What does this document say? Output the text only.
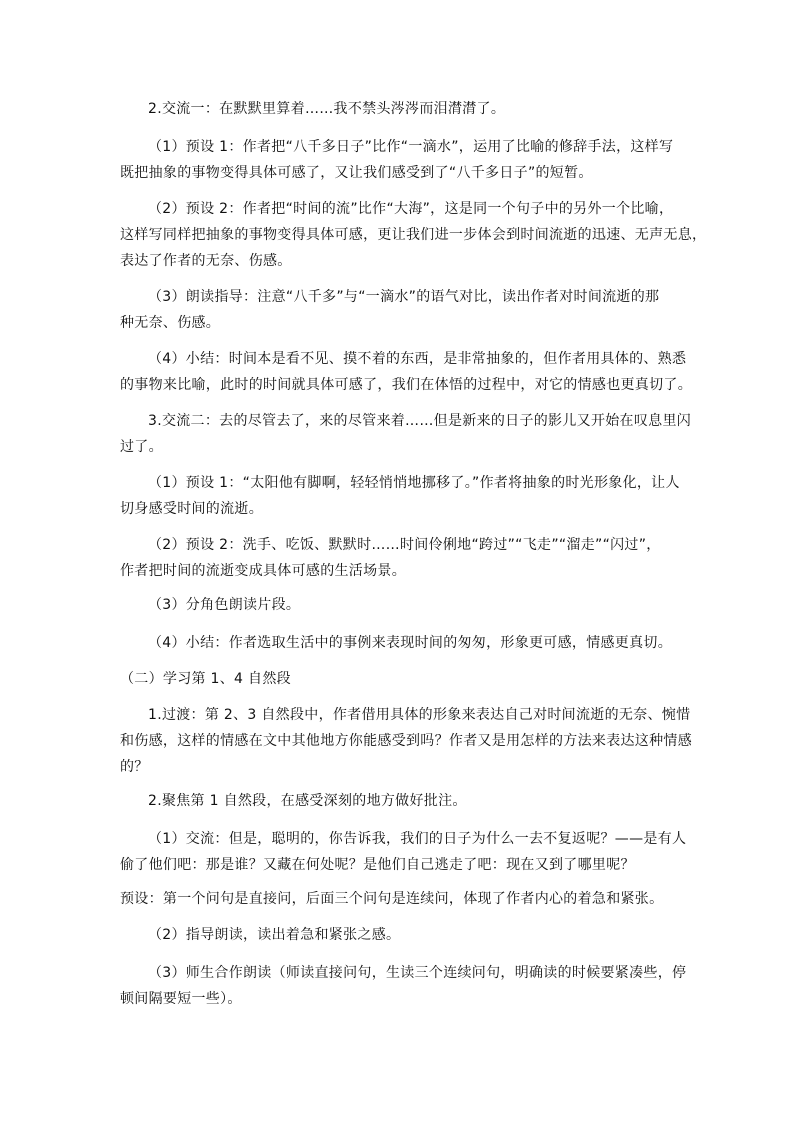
2.交流一：在默默里算着……我不禁头涔涔而泪潸潸了。
（1）预设 1：作者把“八千多日子”比作“一滴水”，运用了比喻的修辞手法，这样写
既把抽象的事物变得具体可感了，又让我们感受到了“八千多日子”的短暂。
（2）预设 2：作者把“时间的流”比作“大海”，这是同一个句子中的另外一个比喻，
这样写同样把抽象的事物变得具体可感，更让我们进一步体会到时间流逝的迅速、无声无息，
表达了作者的无奈、伤感。
（3）朗读指导：注意“八千多”与“一滴水”的语气对比，读出作者对时间流逝的那
种无奈、伤感。
（4）小结：时间本是看不见、摸不着的东西，是非常抽象的，但作者用具体的、熟悉
的事物来比喻，此时的时间就具体可感了，我们在体悟的过程中，对它的情感也更真切了。
3.交流二：去的尽管去了，来的尽管来着……但是新来的日子的影儿又开始在叹息里闪
过了。
（1）预设 1：“太阳他有脚啊，轻轻悄悄地挪移了。”作者将抽象的时光形象化，让人
切身感受时间的流逝。
（2）预设 2：洗手、吃饭、默默时……时间伶俐地“跨过”“飞走”“溜走”“闪过”，
作者把时间的流逝变成具体可感的生活场景。
（3）分角色朗读片段。
（4）小结：作者选取生活中的事例来表现时间的匆匆，形象更可感，情感更真切。
（二）学习第 1、4 自然段
1.过渡：第 2、3 自然段中，作者借用具体的形象来表达自己对时间流逝的无奈、惋惜
和伤感，这样的情感在文中其他地方你能感受到吗？作者又是用怎样的方法来表达这种情感
的？
2.聚焦第 1 自然段，在感受深刻的地方做好批注。
（1）交流：但是，聪明的，你告诉我，我们的日子为什么一去不复返呢？——是有人
偷了他们吧：那是谁？又藏在何处呢？是他们自己逃走了吧：现在又到了哪里呢？
预设：第一个问句是直接问，后面三个问句是连续问，体现了作者内心的着急和紧张。
（2）指导朗读，读出着急和紧张之感。
（3）师生合作朗读（师读直接问句，生读三个连续问句，明确读的时候要紧凑些，停
顿间隔要短一些）。
